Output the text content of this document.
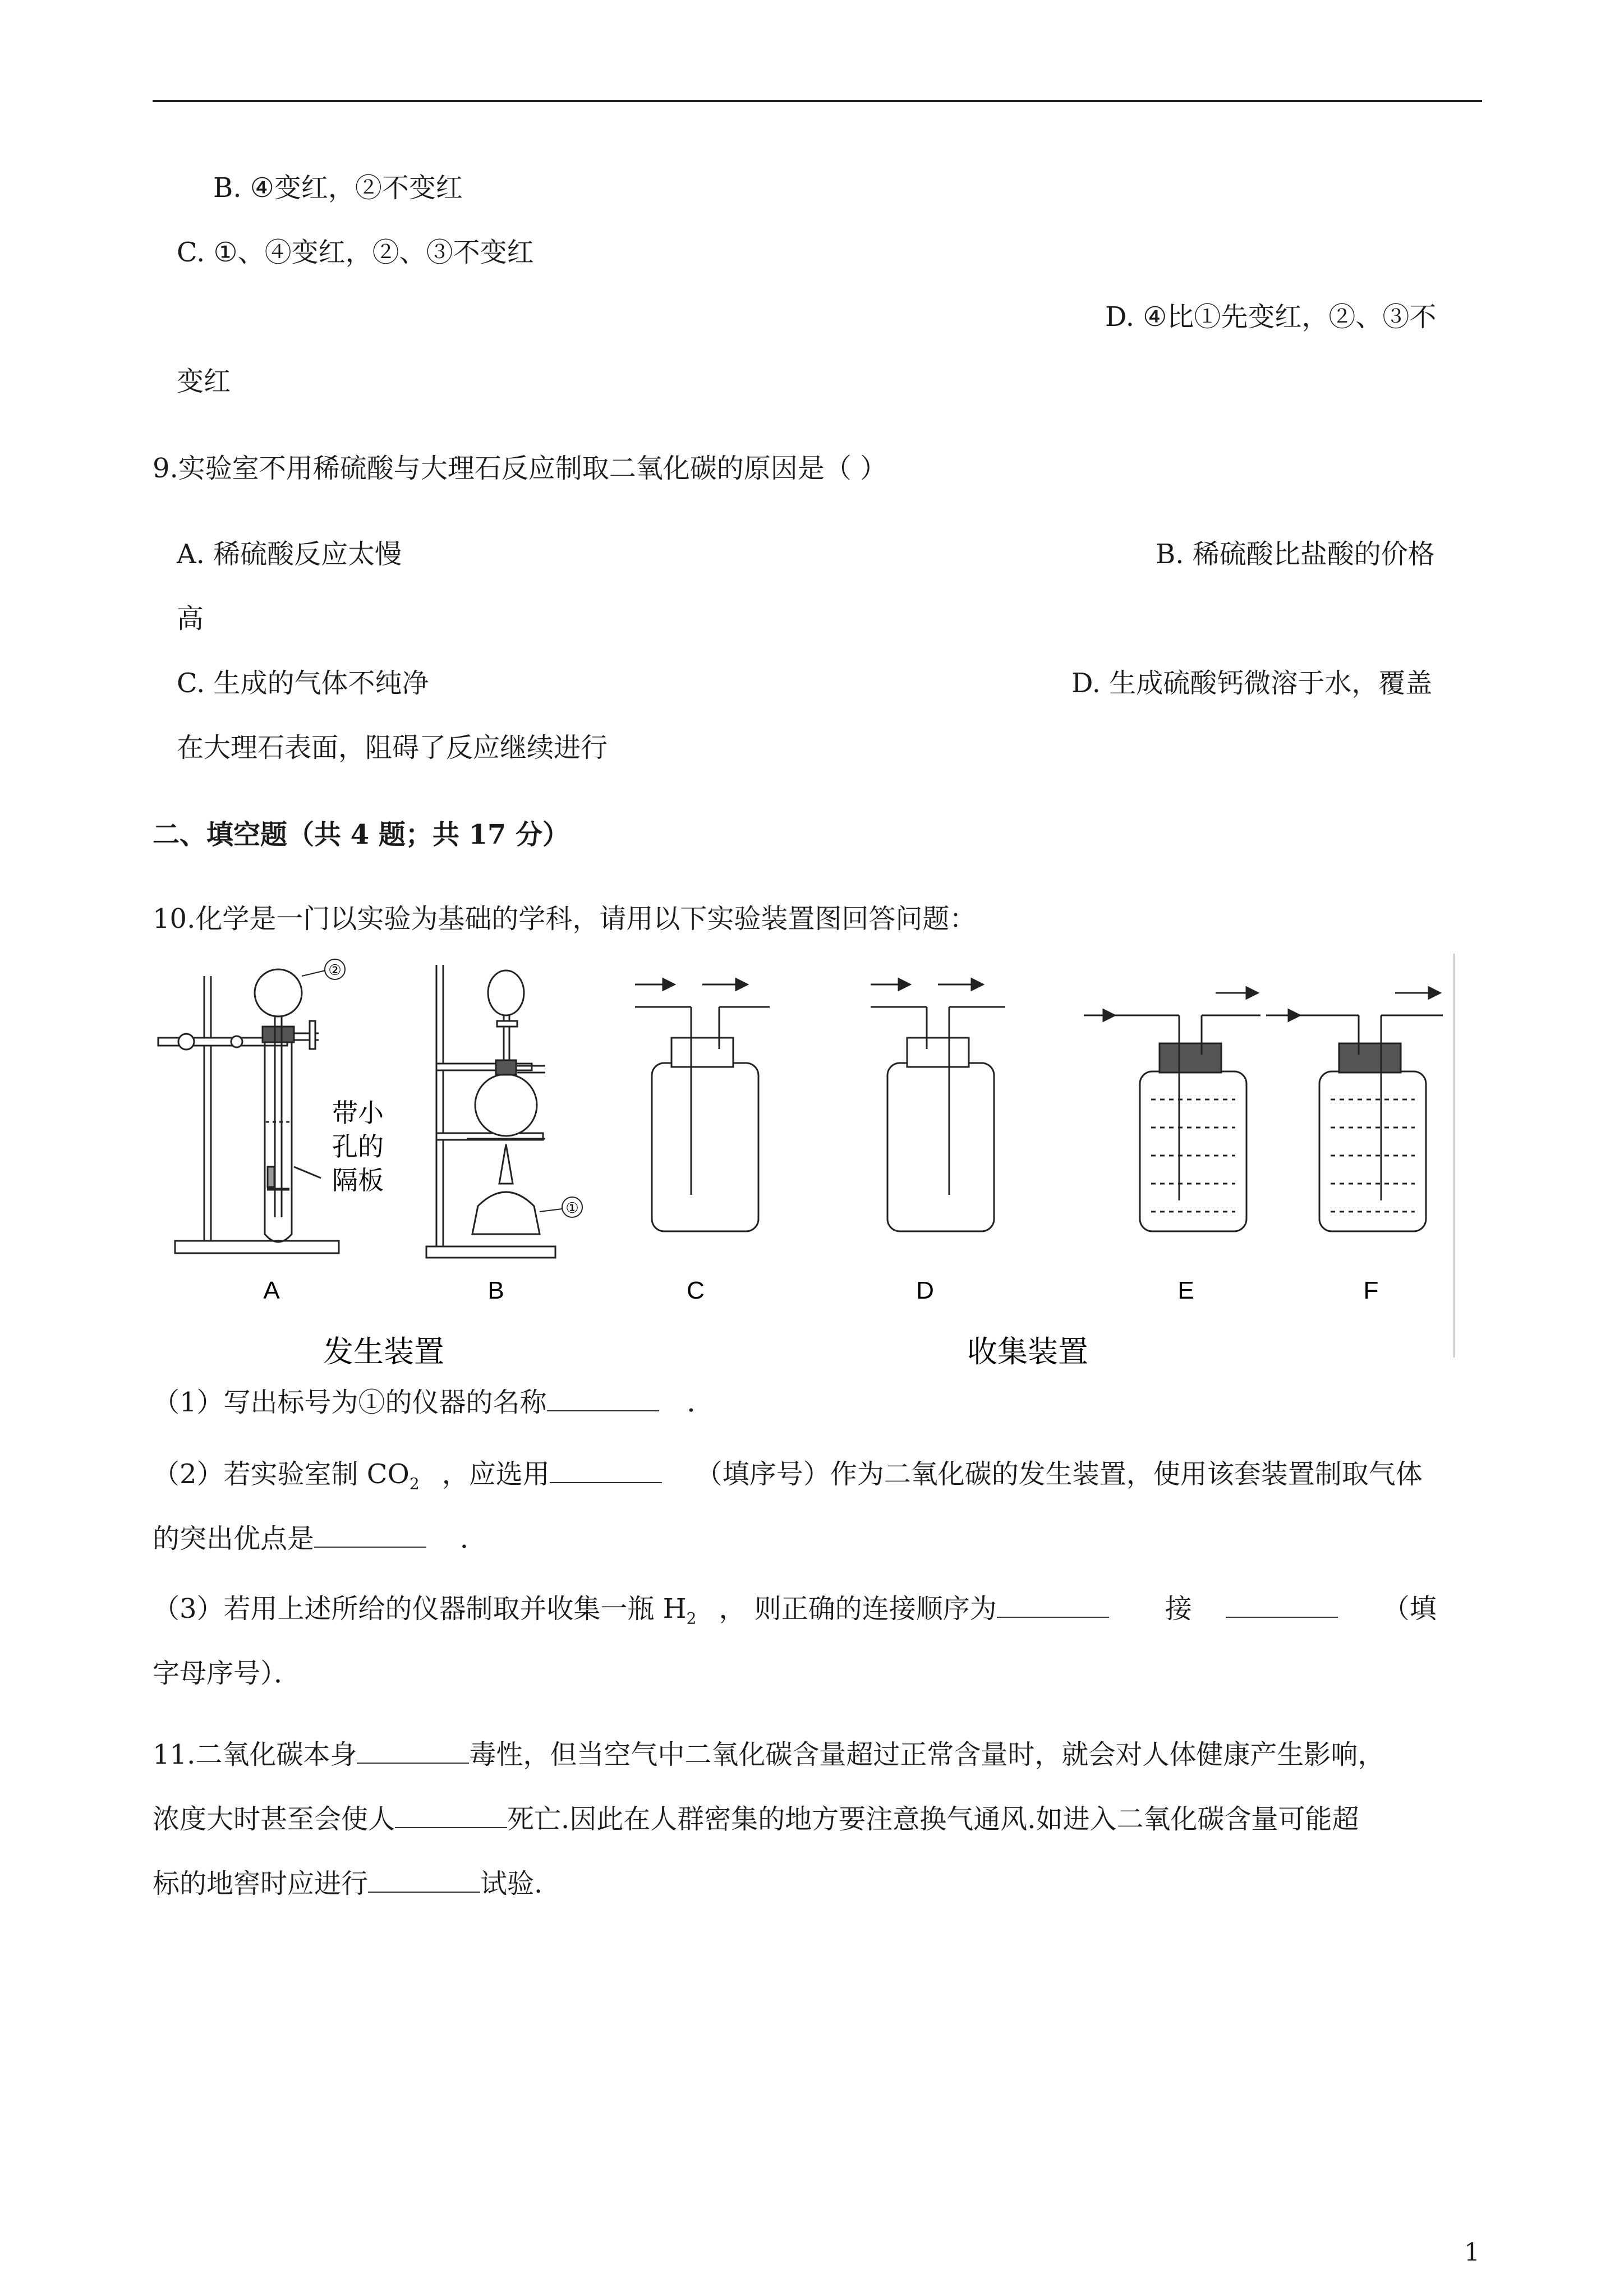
B. ④变红，②不变红
C. ①、④变红，②、③不变红
D. ④比①先变红，②、③不
变红
9.实验室不用稀硫酸与大理石反应制取二氧化碳的原因是（ ）
A. 稀硫酸反应太慢	B. 稀硫酸比盐酸的价格
高
C. 生成的气体不纯净	D. 生成硫酸钙微溶于水，覆盖
在大理石表面，阻碍了反应继续进行
二、填空题（共 4 题；共 17 分）
10.化学是一门以实验为基础的学科，请用以下实验装置图回答问题：
②
①
带小
孔的
隔板
A	B	C	D	E	F
发生装置	收集装置
（1）写出标号为①的仪器的名称	．
（2）若实验室制 $CO_2$ ，应选用	（填序号）作为二氧化碳的发生装置，使用该套装置制取气体
的突出优点是	．
（3）若用上述所给的仪器制取并收集一瓶 $H_2$ ， 则正确的连接顺序为	接	（填
字母序号）．
11.二氧化碳本身	毒性，但当空气中二氧化碳含量超过正常含量时，就会对人体健康产生影响，
浓度大时甚至会使人	死亡.因此在人群密集的地方要注意换气通风.如进入二氧化碳含量可能超
标的地窖时应进行	试验.
1
